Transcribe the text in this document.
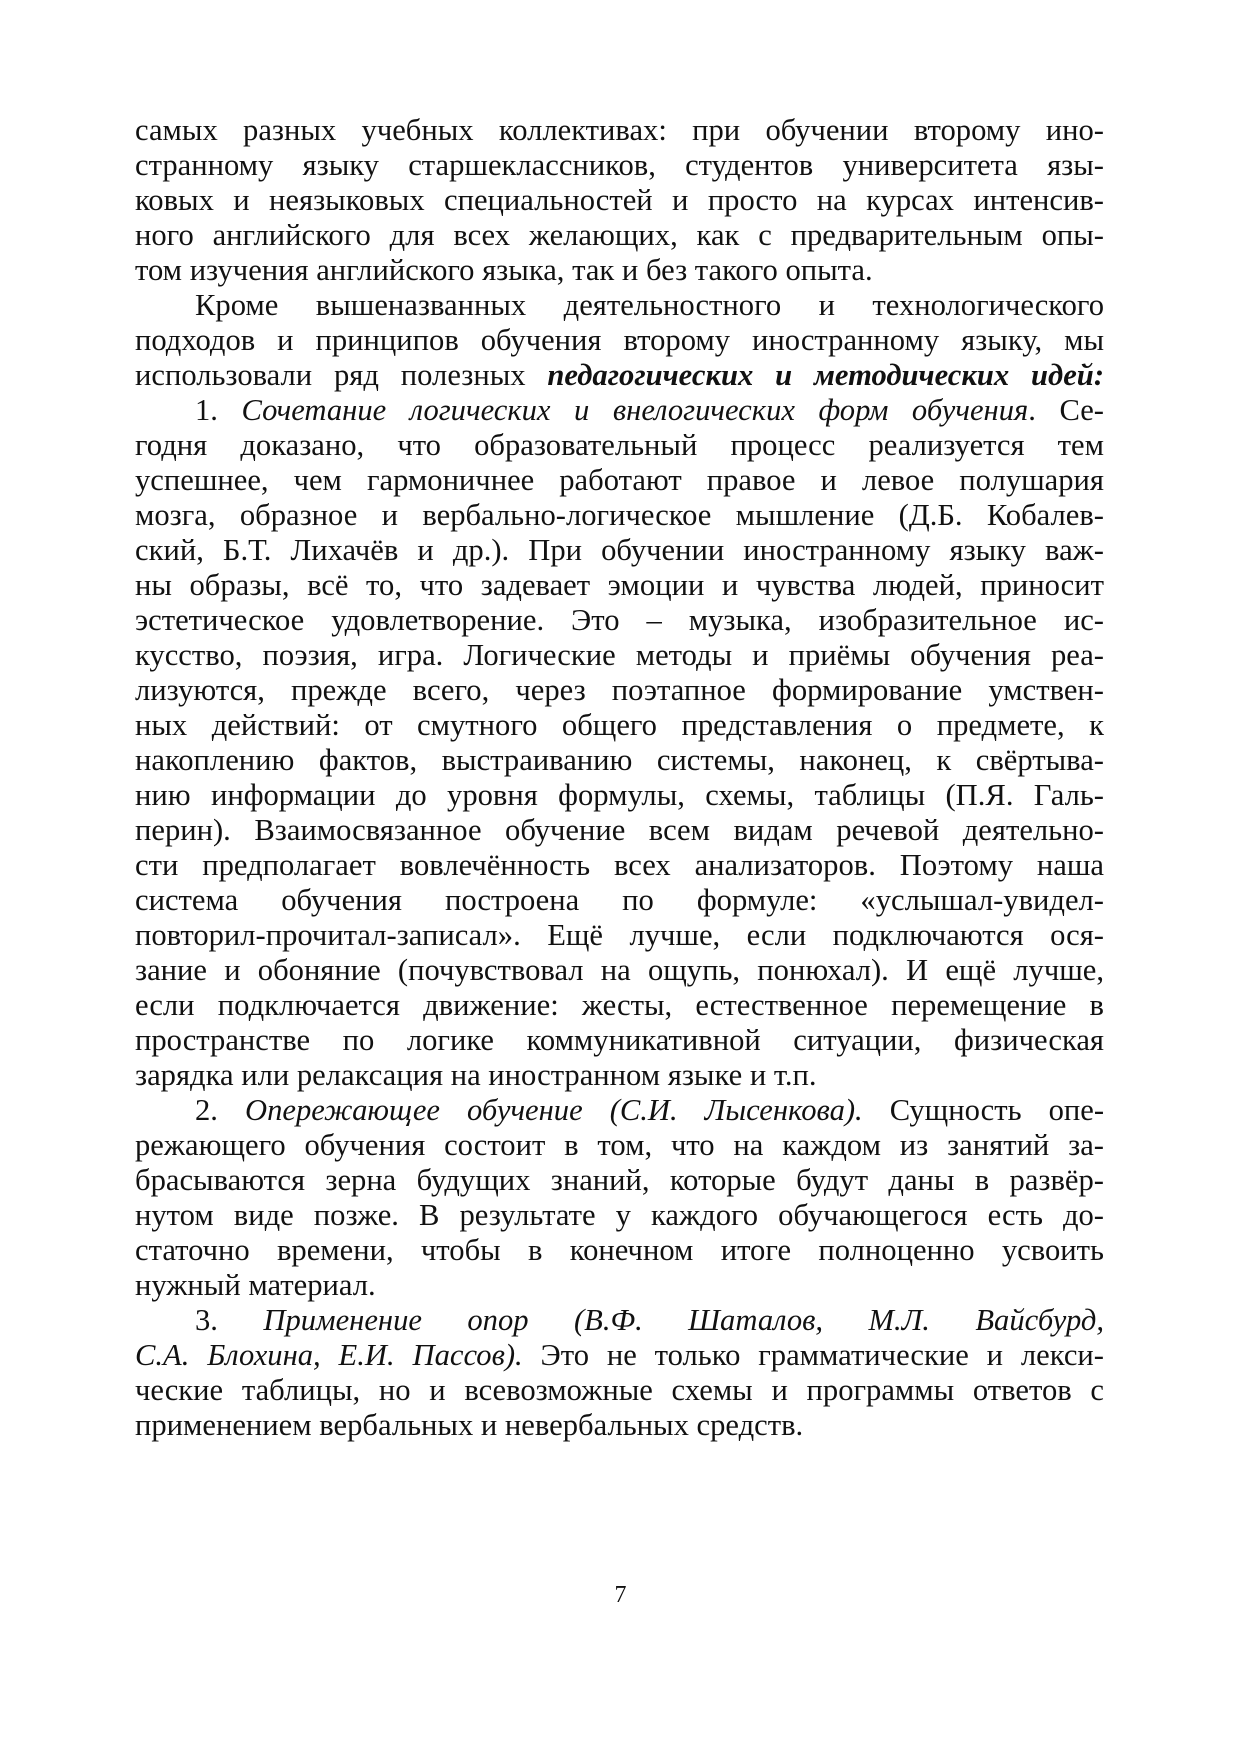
самых разных учебных коллективах: при обучении второму ино-

странному языку старшеклассников, студентов университета язы-

ковых и неязыковых специальностей и просто на курсах интенсив-

ного английского для всех желающих, как с предварительным опы-

том изучения английского языка, так и без такого опыта.

Кроме вышеназванных деятельностного и технологического

подходов и принципов обучения второму иностранному языку, мы

использовали ряд полезных педагогических и методических идей:

1. Сочетание логических и внелогических форм обучения. Се-

годня доказано, что образовательный процесс реализуется тем

успешнее, чем гармоничнее работают правое и левое полушария

мозга, образное и вербально-логическое мышление (Д.Б. Кобалев-

ский, Б.Т. Лихачёв и др.). При обучении иностранному языку важ-

ны образы, всё то, что задевает эмоции и чувства людей, приносит

эстетическое удовлетворение. Это – музыка, изобразительное ис-

кусство, поэзия, игра. Логические методы и приёмы обучения реа-

лизуются, прежде всего, через поэтапное формирование умствен-

ных действий: от смутного общего представления о предмете, к

накоплению фактов, выстраиванию системы, наконец, к свёртыва-

нию информации до уровня формулы, схемы, таблицы (П.Я. Галь-

перин). Взаимосвязанное обучение всем видам речевой деятельно-

сти предполагает вовлечённость всех анализаторов. Поэтому наша

система обучения построена по формуле: «услышал-увидел-

повторил-прочитал-записал». Ещё лучше, если подключаются ося-

зание и обоняние (почувствовал на ощупь, понюхал). И ещё лучше,

если подключается движение: жесты, естественное перемещение в

пространстве по логике коммуникативной ситуации, физическая

зарядка или релаксация на иностранном языке и т.п.

2. Опережающее обучение (С.И. Лысенкова). Сущность опе-

режающего обучения состоит в том, что на каждом из занятий за-

брасываются зерна будущих знаний, которые будут даны в развёр-

нутом виде позже. В результате у каждого обучающегося есть до-

статочно времени, чтобы в конечном итоге полноценно усвоить

нужный материал.

3. Применение опор (В.Ф. Шаталов, М.Л. Вайсбурд,

С.А. Блохина, Е.И. Пассов). Это не только грамматические и лекси-

ческие таблицы, но и всевозможные схемы и программы ответов с

применением вербальных и невербальных средств.

7
